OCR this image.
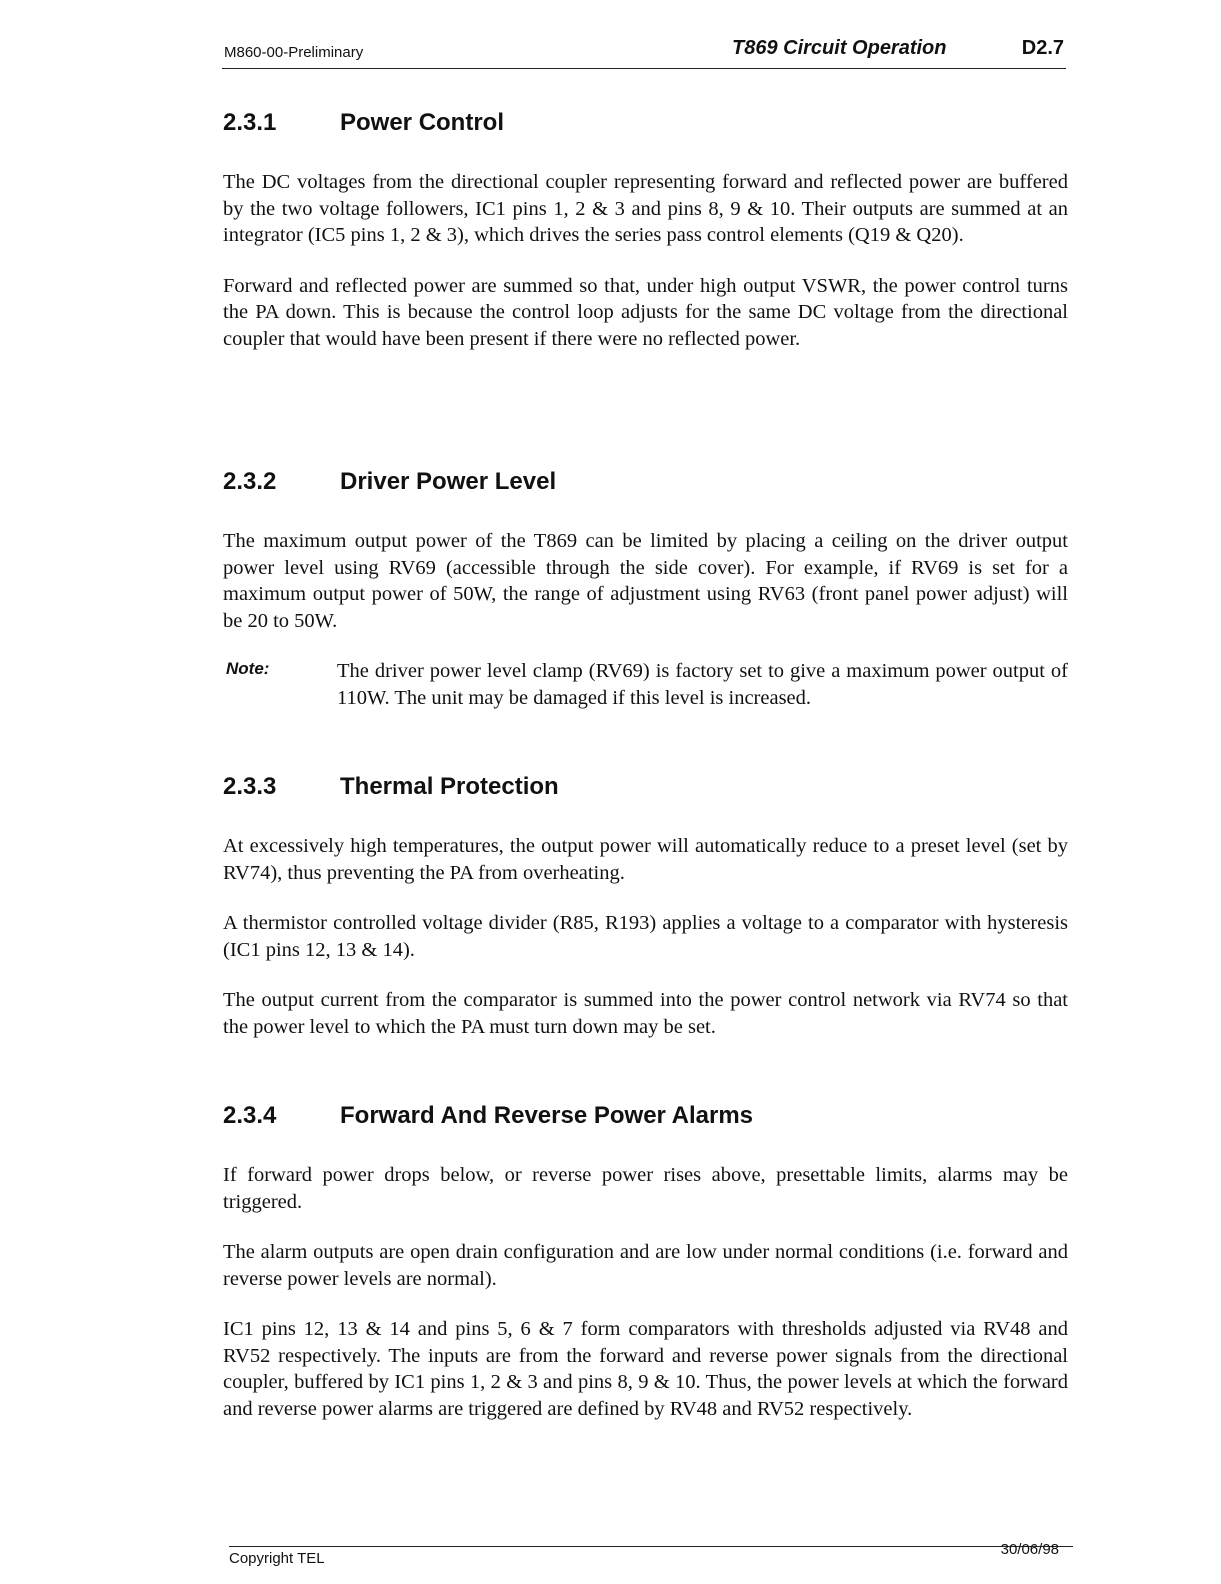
M860-00-Preliminary	T869 Circuit Operation	D2.7
2.3.1	Power Control

The DC voltages from the directional coupler representing forward and reflected power are buffered by the two voltage followers, IC1 pins 1, 2 & 3 and pins 8, 9 & 10. Their outputs are summed at an integrator (IC5 pins 1, 2 & 3), which drives the series pass control elements (Q19 & Q20).

Forward and reflected power are summed so that, under high output VSWR, the power control turns the PA down. This is because the control loop adjusts for the same DC voltage from the directional coupler that would have been present if there were no reflected power.

2.3.2	Driver Power Level

The maximum output power of the T869 can be limited by placing a ceiling on the driver output power level using RV69 (accessible through the side cover). For example, if RV69 is set for a maximum output power of 50W, the range of adjustment using RV63 (front panel power adjust) will be 20 to 50W.

Note:	The driver power level clamp (RV69) is factory set to give a maximum power output of 110W. The unit may be damaged if this level is increased.
2.3.3	Thermal Protection

At excessively high temperatures, the output power will automatically reduce to a preset level (set by RV74), thus preventing the PA from overheating.

A thermistor controlled voltage divider (R85, R193) applies a voltage to a comparator with hysteresis (IC1 pins 12, 13 & 14).

The output current from the comparator is summed into the power control network via RV74 so that the power level to which the PA must turn down may be set.

2.3.4	Forward And Reverse Power Alarms

If forward power drops below, or reverse power rises above, presettable limits, alarms may be triggered.

The alarm outputs are open drain configuration and are low under normal conditions (i.e. forward and reverse power levels are normal).

IC1 pins 12, 13 & 14 and pins 5, 6 & 7 form comparators with thresholds adjusted via RV48 and RV52 respectively. The inputs are from the forward and reverse power signals from the directional coupler, buffered by IC1 pins 1, 2 & 3 and pins 8, 9 & 10. Thus, the power levels at which the forward and reverse power alarms are triggered are defined by RV48 and RV52 respectively.

Copyright TEL
30/06/98
